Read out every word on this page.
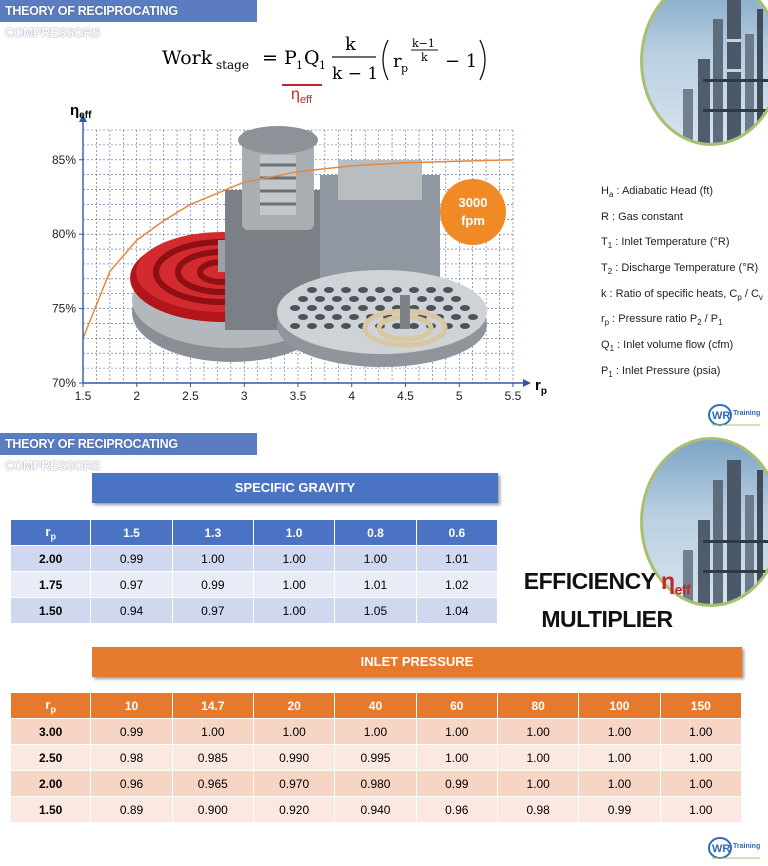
THEORY OF RECIPROCATING COMPRESSORS
Work stage = P 1 Q 1
k
k − 1
r p
k−1
k − 1
$\eta_{eff}$
1.5	2	2.5	3	3.5	4	4.5	5	5.5
70%
75%
80%
85%
3000
fpm
$\eta_{eff}$
$r_p$
$H_a$ : Adiabatic Head (ft)
R : Gas constant
$T_1$ : Inlet Temperature (°R)
$T_2$ : Discharge Temperature (°R)
k : Ratio of specific heats, $C_p / C_v$
$r_p$ : Pressure ratio $P_2 / P_1$
$Q_1$ : Inlet volume flow (cfm)
$P_1$ : Inlet Pressure (psia)
WR Training
THEORY OF RECIPROCATING COMPRESSORS
SPECIFIC GRAVITY
$r_p$	1.5	1.3	1.0	0.8	0.6
2.00	0.99	1.00	1.00	1.00	1.01
1.75	0.97	0.99	1.00	1.01	1.02
1.50	0.94	0.97	1.00	1.05	1.04
EFFICIENCY $\eta_{eff}$
MULTIPLIER
INLET PRESSURE
$r_p$	10	14.7	20	40	60	80	100	150
3.00	0.99	1.00	1.00	1.00	1.00	1.00	1.00	1.00
2.50	0.98	0.985	0.990	0.995	1.00	1.00	1.00	1.00
2.00	0.96	0.965	0.970	0.980	0.99	1.00	1.00	1.00
1.50	0.89	0.900	0.920	0.940	0.96	0.98	0.99	1.00
WR Training
